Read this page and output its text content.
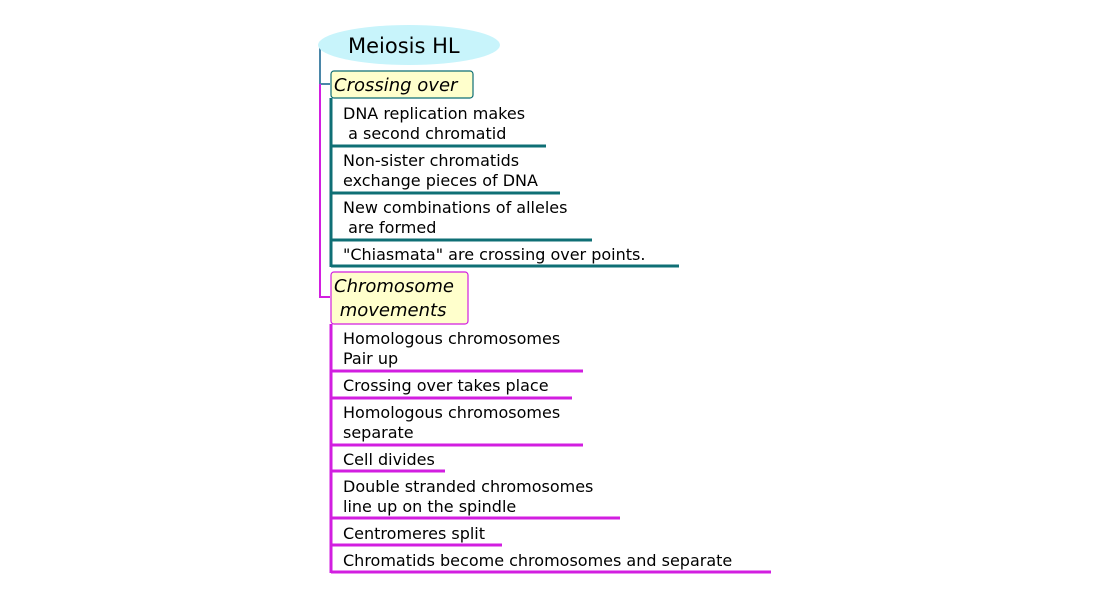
Meiosis HL
Crossing over
DNA replication makes
a second chromatid
Non-sister chromatids
exchange pieces of DNA
New combinations of alleles
are formed
"Chiasmata" are crossing over points.
Chromosome
movements
Homologous chromosomes
Pair up
Crossing over takes place
Homologous chromosomes
separate
Cell divides
Double stranded chromosomes
line up on the spindle
Centromeres split
Chromatids become chromosomes and separate
